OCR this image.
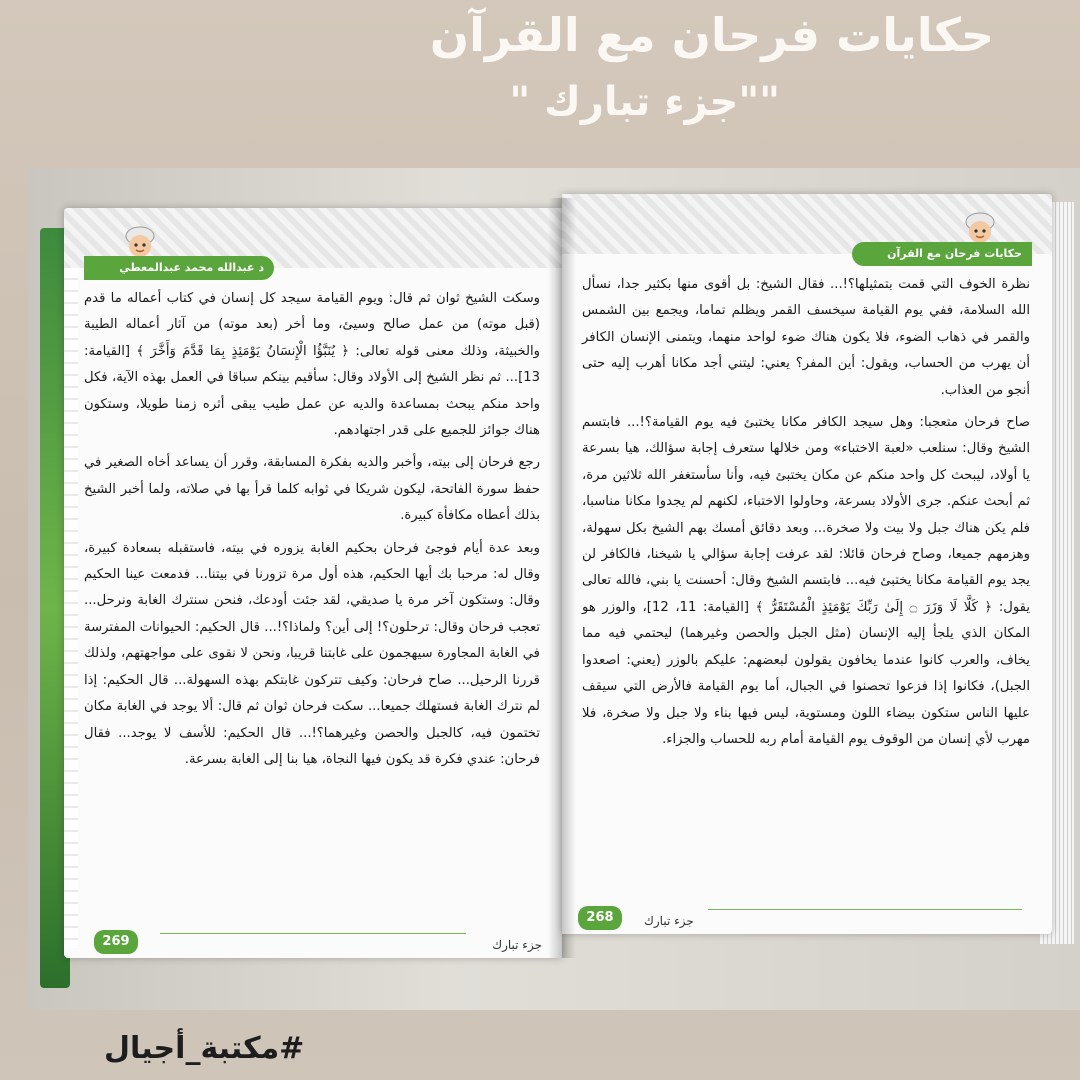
حكايات فرحان مع القرآن
""جزء تبارك "
د عبدالله محمد عبدالمعطي

وسكت الشيخ ثوان ثم قال: ويوم القيامة سيجد كل إنسان في كتاب أعماله ما قدم (قبل موته) من عمل صالح وسيئ، وما أخر (بعد موته) من آثار أعماله الطيبة والخبيثة، وذلك معنى قوله تعالى: ﴿ يُنَبَّؤُا الْإِنسَانُ يَوْمَئِذٍ بِمَا قَدَّمَ وَأَخَّرَ ﴾ [القيامة: 13]... ثم نظر الشيخ إلى الأولاد وقال: سأقيم بينكم سباقا في العمل بهذه الآية، فكل واحد منكم يبحث بمساعدة والديه عن عمل طيب يبقى أثره زمنا طويلا، وستكون هناك جوائز للجميع على قدر اجتهادهم.

رجع فرحان إلى بيته، وأخبر والديه بفكرة المسابقة، وقرر أن يساعد أخاه الصغير في حفظ سورة الفاتحة، ليكون شريكا في ثوابه كلما قرأ بها في صلاته، ولما أخبر الشيخ بذلك أعطاه مكافأة كبيرة.

وبعد عدة أيام فوجئ فرحان بحكيم الغابة يزوره في بيته، فاستقبله بسعادة كبيرة، وقال له: مرحبا بك أيها الحكيم، هذه أول مرة تزورنا في بيتنا... فدمعت عينا الحكيم وقال: وستكون آخر مرة يا صديقي، لقد جئت أودعك، فنحن سنترك الغابة ونرحل... تعجب فرحان وقال: ترحلون؟! إلى أين؟ ولماذا؟!... قال الحكيم: الحيوانات المفترسة في الغابة المجاورة سيهجمون على غابتنا قريبا، ونحن لا نقوى على مواجهتهم، ولذلك قررنا الرحيل... صاح فرحان: وكيف تتركون غابتكم بهذه السهولة... قال الحكيم: إذا لم نترك الغابة فستهلك جميعا... سكت فرحان ثوان ثم قال: ألا يوجد في الغابة مكان تختمون فيه، كالجبل والحصن وغيرهما؟!... قال الحكيم: للأسف لا يوجد... فقال فرحان: عندي فكرة قد يكون فيها النجاة، هيا بنا إلى الغابة بسرعة.

269	جزء تبارك
حكايات فرحان مع القرآن

نظرة الخوف التي قمت بتمثيلها؟!... فقال الشيخ: بل أقوى منها بكثير جدا، نسأل الله السلامة، ففي يوم القيامة سيخسف القمر ويظلم تماما، ويجمع بين الشمس والقمر في ذهاب الضوء، فلا يكون هناك ضوء لواحد منهما، ويتمنى الإنسان الكافر أن يهرب من الحساب، ويقول: أين المفر؟ يعني: ليتني أجد مكانا أهرب إليه حتى أنجو من العذاب.

صاح فرحان متعجبا: وهل سيجد الكافر مكانا يختبئ فيه يوم القيامة؟!... فابتسم الشيخ وقال: سنلعب «لعبة الاختباء» ومن خلالها ستعرف إجابة سؤالك، هيا بسرعة يا أولاد، ليبحث كل واحد منكم عن مكان يختبئ فيه، وأنا سأستغفر الله ثلاثين مرة، ثم أبحث عنكم. جرى الأولاد بسرعة، وحاولوا الاختباء، لكنهم لم يجدوا مكانا مناسبا، فلم يكن هناك جبل ولا بيت ولا صخرة... وبعد دقائق أمسك بهم الشيخ بكل سهولة، وهزمهم جميعا، وصاح فرحان قائلا: لقد عرفت إجابة سؤالي يا شيخنا، فالكافر لن يجد يوم القيامة مكانا يختبئ فيه... فابتسم الشيخ وقال: أحسنت يا بني، فالله تعالى يقول: ﴿ كَلَّا لَا وَزَرَ ۝ إِلَىٰ رَبِّكَ يَوْمَئِذٍ الْمُسْتَقَرُّ ﴾ [القيامة: 11، 12]، والوزر هو المكان الذي يلجأ إليه الإنسان (مثل الجبل والحصن وغيرهما) ليحتمي فيه مما يخاف، والعرب كانوا عندما يخافون يقولون لبعضهم: عليكم بالوزر (يعني: اصعدوا الجبل)، فكانوا إذا فزعوا تحصنوا في الجبال، أما يوم القيامة فالأرض التي سيقف عليها الناس ستكون بيضاء اللون ومستوية، ليس فيها بناء ولا جبل ولا صخرة، فلا مهرب لأي إنسان من الوقوف يوم القيامة أمام ربه للحساب والجزاء.

268	جزء تبارك
#مكتبة_أجيال
